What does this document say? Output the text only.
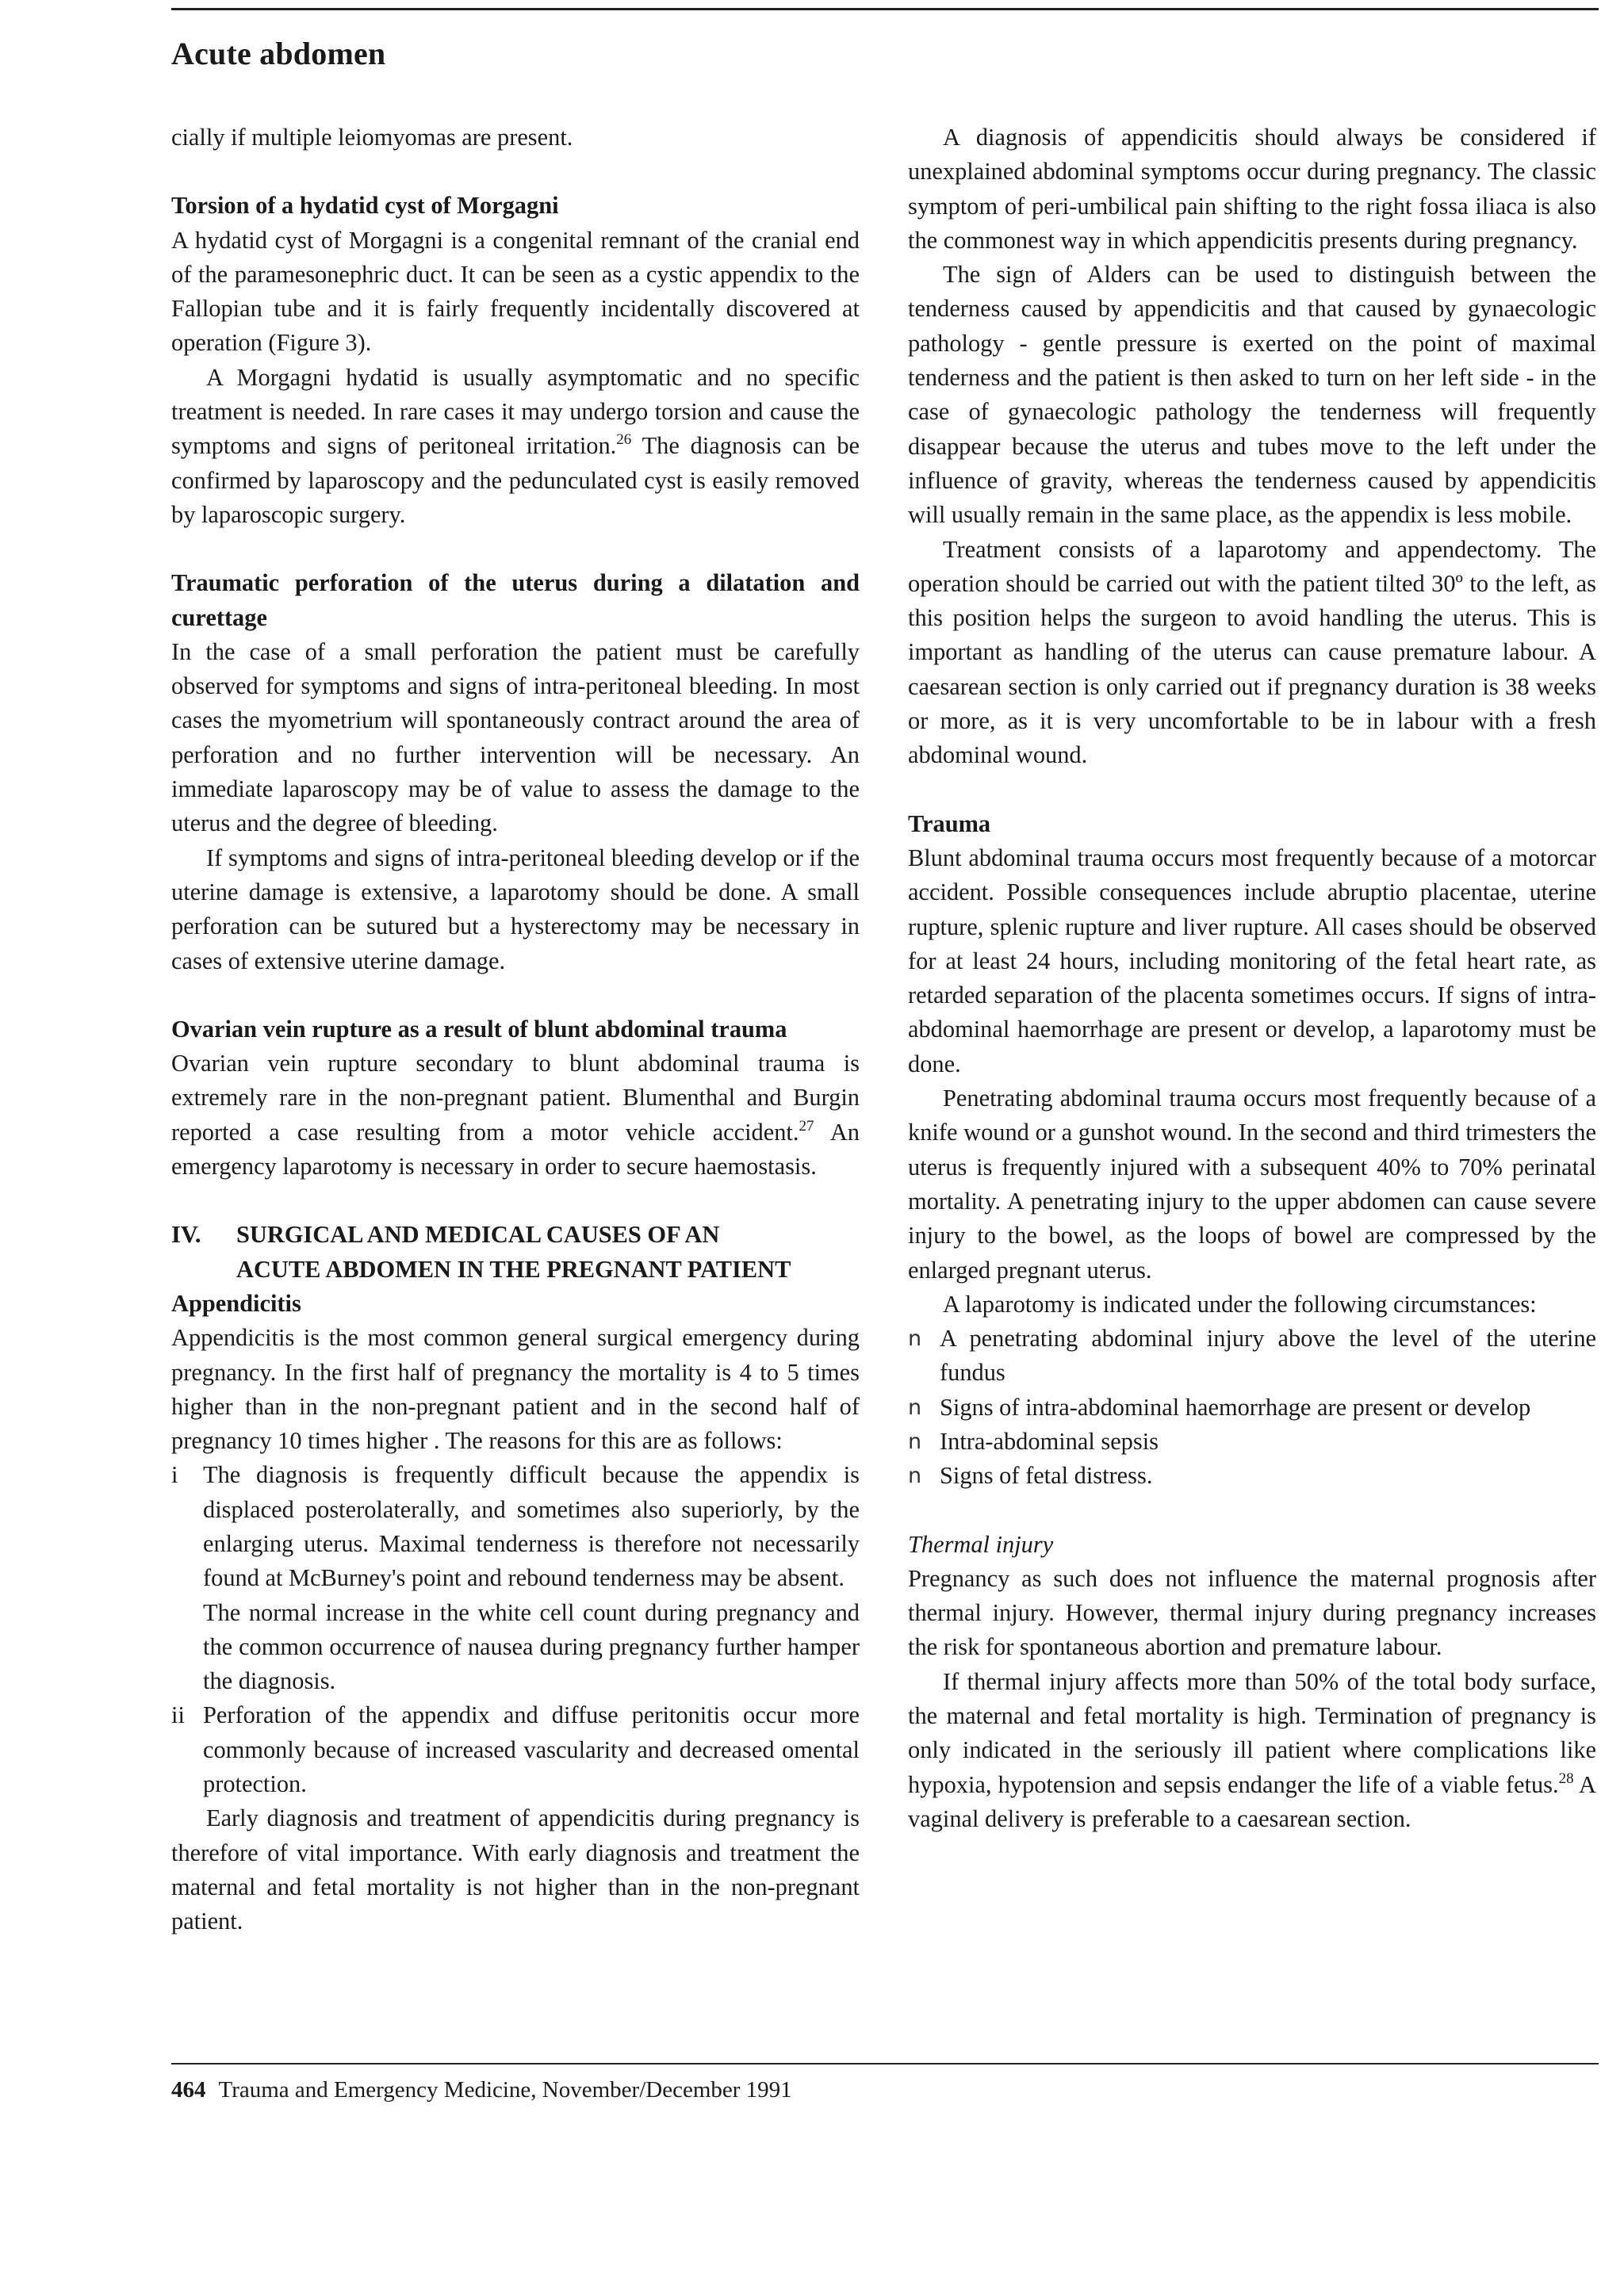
Acute abdomen

cially if multiple leiomyomas are present.

Torsion of a hydatid cyst of Morgagni

A hydatid cyst of Morgagni is a congenital remnant of the cranial end of the paramesonephric duct. It can be seen as a cystic appendix to the Fallopian tube and it is fairly frequently incidentally discovered at operation (Figure 3).

A Morgagni hydatid is usually asymptomatic and no specific treatment is needed. In rare cases it may undergo torsion and cause the symptoms and signs of peritoneal irritation.$^{26}$ The diagnosis can be confirmed by laparoscopy and the pedunculated cyst is easily removed by laparoscopic surgery.

Traumatic perforation of the uterus during a dilatation and curettage

In the case of a small perforation the patient must be carefully observed for symptoms and signs of intra-peritoneal bleeding. In most cases the myometrium will spontaneously contract around the area of perforation and no further intervention will be necessary. An immediate laparoscopy may be of value to assess the damage to the uterus and the degree of bleeding.

If symptoms and signs of intra-peritoneal bleeding develop or if the uterine damage is extensive, a laparotomy should be done. A small perforation can be sutured but a hysterectomy may be necessary in cases of extensive uterine damage.

Ovarian vein rupture as a result of blunt abdominal trauma

Ovarian vein rupture secondary to blunt abdominal trauma is extremely rare in the non-pregnant patient. Blumenthal and Burgin reported a case resulting from a motor vehicle accident.$^{27}$ An emergency laparotomy is necessary in order to secure haemostasis.

IV. SURGICAL AND MEDICAL CAUSES OF AN
ACUTE ABDOMEN IN THE PREGNANT PATIENT

Appendicitis

Appendicitis is the most common general surgical emergency during pregnancy. In the first half of pregnancy the mortality is 4 to 5 times higher than in the non-pregnant patient and in the second half of pregnancy 10 times higher . The reasons for this are as follows:

i	The diagnosis is frequently difficult because the appendix is displaced posterolaterally, and sometimes also superiorly, by the enlarging uterus. Maximal tenderness is therefore not necessarily found at McBurney's point and rebound tenderness may be absent.

The normal increase in the white cell count during pregnancy and the common occurrence of nausea during pregnancy further hamper the diagnosis.

ii Perforation of the appendix and diffuse peritonitis occur more commonly because of increased vascularity and decreased omental protection.

Early diagnosis and treatment of appendicitis during pregnancy is therefore of vital importance. With early diagnosis and treatment the maternal and fetal mortality is not higher than in the non-pregnant patient.

A diagnosis of appendicitis should always be considered if unexplained abdominal symptoms occur during pregnancy. The classic symptom of peri-umbilical pain shifting to the right fossa iliaca is also the commonest way in which appendicitis presents during pregnancy.

The sign of Alders can be used to distinguish between the tenderness caused by appendicitis and that caused by gynaecologic pathology - gentle pressure is exerted on the point of maximal tenderness and the patient is then asked to turn on her left side - in the case of gynaecologic pathology the tenderness will frequently disappear because the uterus and tubes move to the left under the influence of gravity, whereas the tenderness caused by appendicitis will usually remain in the same place, as the appendix is less mobile.

Treatment consists of a laparotomy and appendectomy. The operation should be carried out with the patient tilted 30º to the left, as this position helps the surgeon to avoid handling the uterus. This is important as handling of the uterus can cause premature labour. A caesarean section is only carried out if pregnancy duration is 38 weeks or more, as it is very uncomfortable to be in labour with a fresh abdominal wound.

Trauma

Blunt abdominal trauma occurs most frequently because of a motorcar accident. Possible consequences include abruptio placentae, uterine rupture, splenic rupture and liver rupture. All cases should be observed for at least 24 hours, including monitoring of the fetal heart rate, as retarded separation of the placenta sometimes occurs. If signs of intra-abdominal haemorrhage are present or develop, a laparotomy must be done.

Penetrating abdominal trauma occurs most frequently because of a knife wound or a gunshot wound. In the second and third trimesters the uterus is frequently injured with a subsequent 40% to 70% perinatal mortality. A penetrating injury to the upper abdomen can cause severe injury to the bowel, as the loops of bowel are compressed by the enlarged pregnant uterus.

A laparotomy is indicated under the following circumstances:

n A penetrating abdominal injury above the level of the uterine fundus
n Signs of intra-abdominal haemorrhage are present or develop
n Intra-abdominal sepsis
n Signs of fetal distress.

Thermal injury

Pregnancy as such does not influence the maternal prognosis after thermal injury. However, thermal injury during pregnancy increases the risk for spontaneous abortion and premature labour.

If thermal injury affects more than 50% of the total body surface, the maternal and fetal mortality is high. Termination of pregnancy is only indicated in the seriously ill patient where complications like hypoxia, hypotension and sepsis endanger the life of a viable fetus.$^{28}$ A vaginal delivery is preferable to a caesarean section.

464 Trauma and Emergency Medicine, November/December 1991
